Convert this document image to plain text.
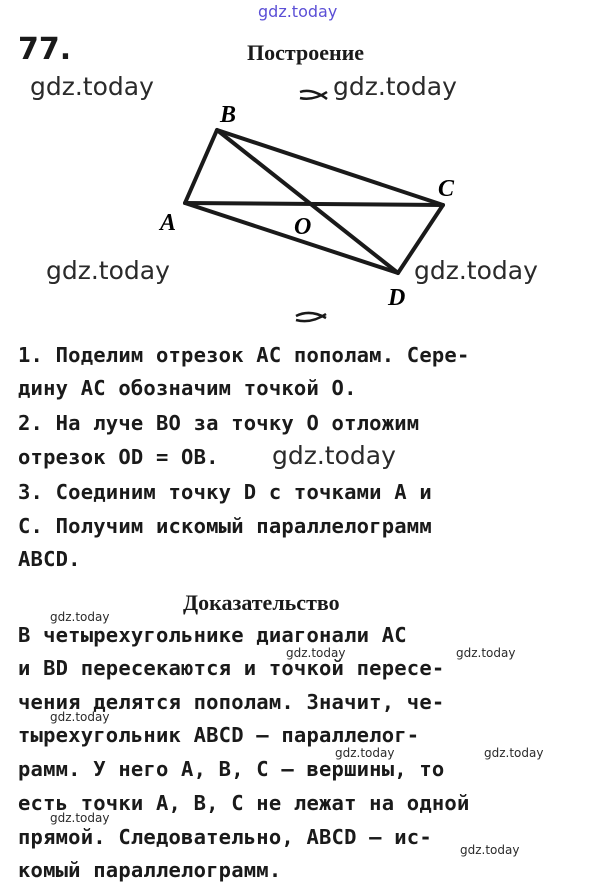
gdz.today
77.	Построение
B
C
A	O
D
gdz.today	gdz.today
gdz.today	gdz.today
1. Поделим отрезок AC пополам. Сере-
дину AC обозначим точкой O.
2. На луче BO за точку O отложим
отрезок OD = OB. gdz.today
3. Соединим точку D с точками A и
C. Получим искомый параллелограмм
ABCD.
Доказательство
В четырехугольнике диагонали AC
и BD пересекаются и точкой пересе-
чения делятся пополам. Значит, че-
тырехугольник ABCD — параллелог-
рамм. У него A, B, C — вершины, то
есть точки A, B, C не лежат на одной
прямой. Следовательно, ABCD — ис-
комый параллелограмм.
gdz.today
gdz.today	gdz.today
gdz.today
gdz.today	gdz.today
gdz.today
gdz.today
